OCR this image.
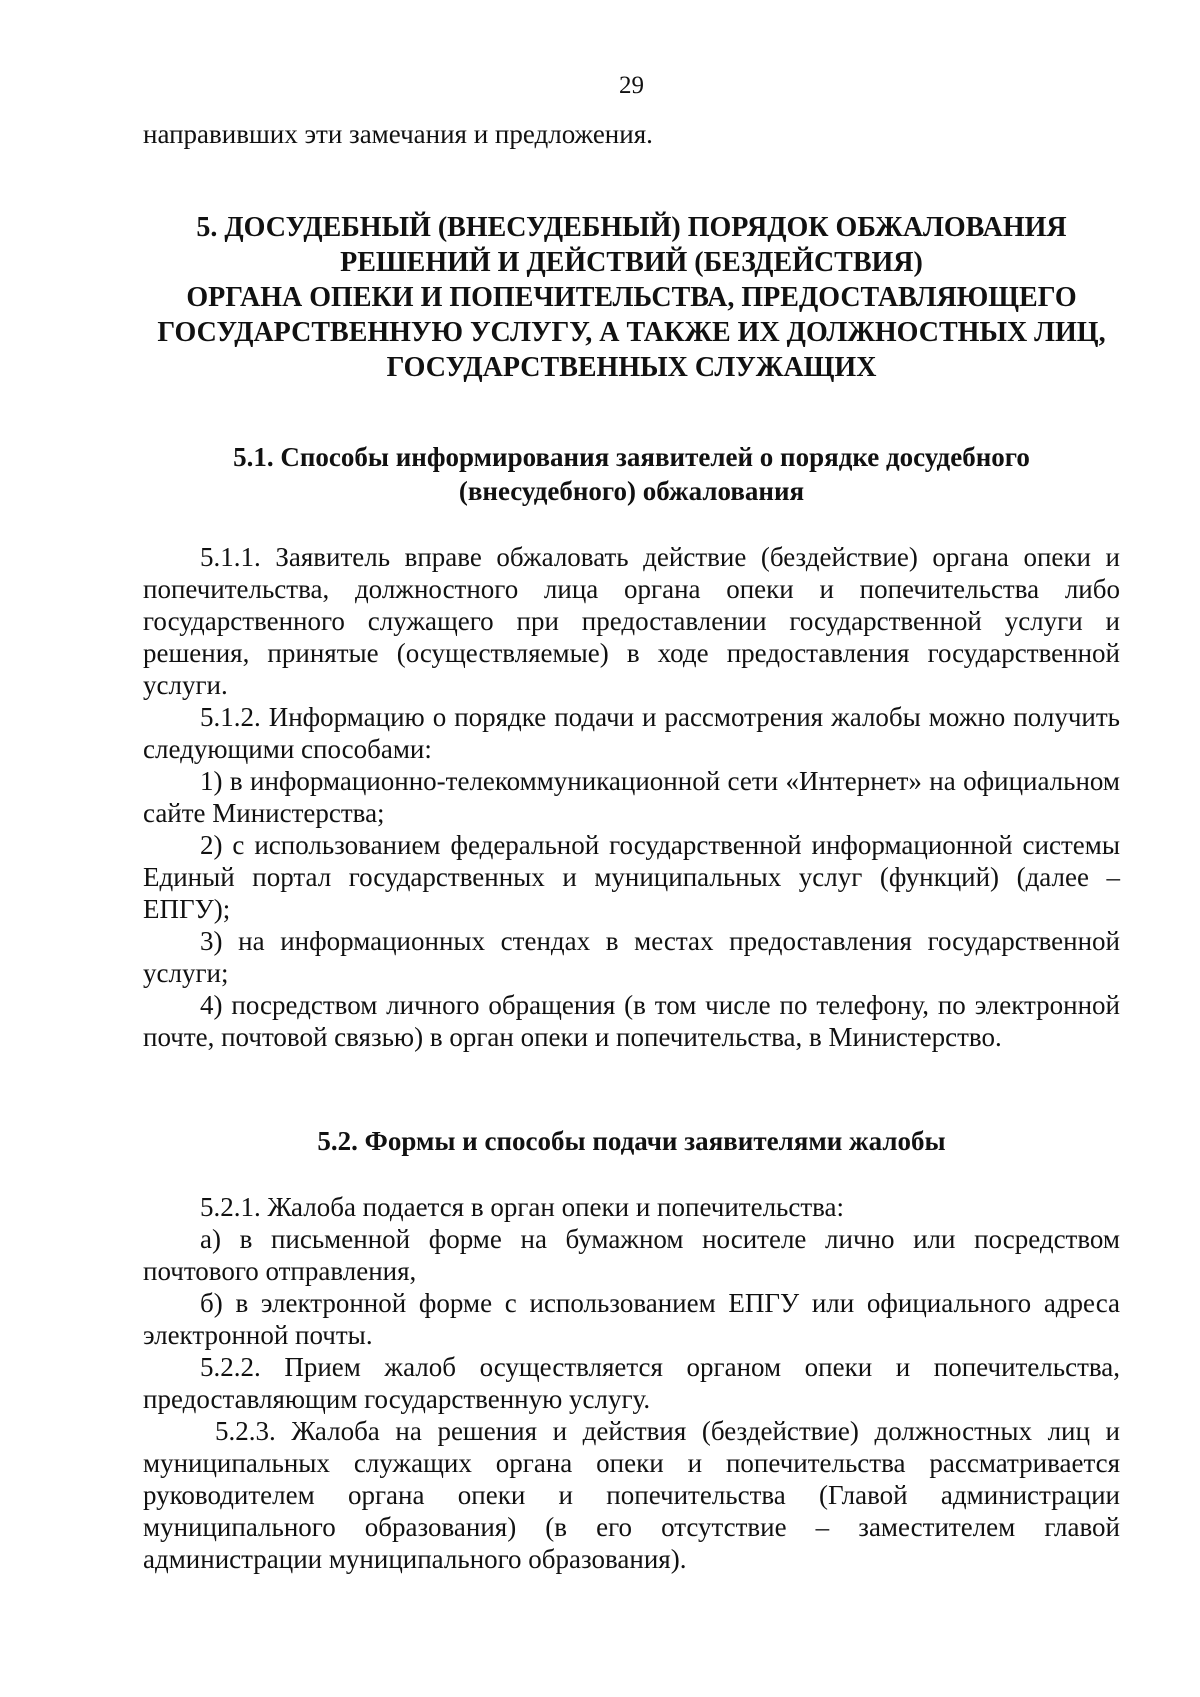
29
направивших эти замечания и предложения.
5. ДОСУДЕБНЫЙ (ВНЕСУДЕБНЫЙ) ПОРЯДОК ОБЖАЛОВАНИЯ
РЕШЕНИЙ И ДЕЙСТВИЙ (БЕЗДЕЙСТВИЯ)
ОРГАНА ОПЕКИ И ПОПЕЧИТЕЛЬСТВА, ПРЕДОСТАВЛЯЮЩЕГО
ГОСУДАРСТВЕННУЮ УСЛУГУ, А ТАКЖЕ ИХ ДОЛЖНОСТНЫХ ЛИЦ,
ГОСУДАРСТВЕННЫХ СЛУЖАЩИХ
5.1. Способы информирования заявителей о порядке досудебного
(внесудебного) обжалования

5.1.1. Заявитель вправе обжаловать действие (бездействие) органа опеки и попечительства, должностного лица органа опеки и попечительства либо государственного служащего при предоставлении государственной услуги и решения, принятые (осуществляемые) в ходе предоставления государственной услуги.

5.1.2. Информацию о порядке подачи и рассмотрения жалобы можно получить следующими способами:

1) в информационно-телекоммуникационной сети «Интернет» на официальном сайте Министерства;

2) с использованием федеральной государственной информационной системы Единый портал государственных и муниципальных услуг (функций) (далее – ЕПГУ);

3) на информационных стендах в местах предоставления государственной услуги;

4) посредством личного обращения (в том числе по телефону, по электронной почте, почтовой связью) в орган опеки и попечительства, в Министерство.

5.2. Формы и способы подачи заявителями жалобы

5.2.1. Жалоба подается в орган опеки и попечительства:

а) в письменной форме на бумажном носителе лично или посредством почтового отправления,

б) в электронной форме с использованием ЕПГУ или официального адреса электронной почты.

5.2.2. Прием жалоб осуществляется органом опеки и попечительства, предоставляющим государственную услугу.

5.2.3. Жалоба на решения и действия (бездействие) должностных лиц и муниципальных служащих органа опеки и попечительства рассматривается руководителем органа опеки и попечительства (Главой администрации муниципального образования) (в его отсутствие – заместителем главой администрации муниципального образования).
